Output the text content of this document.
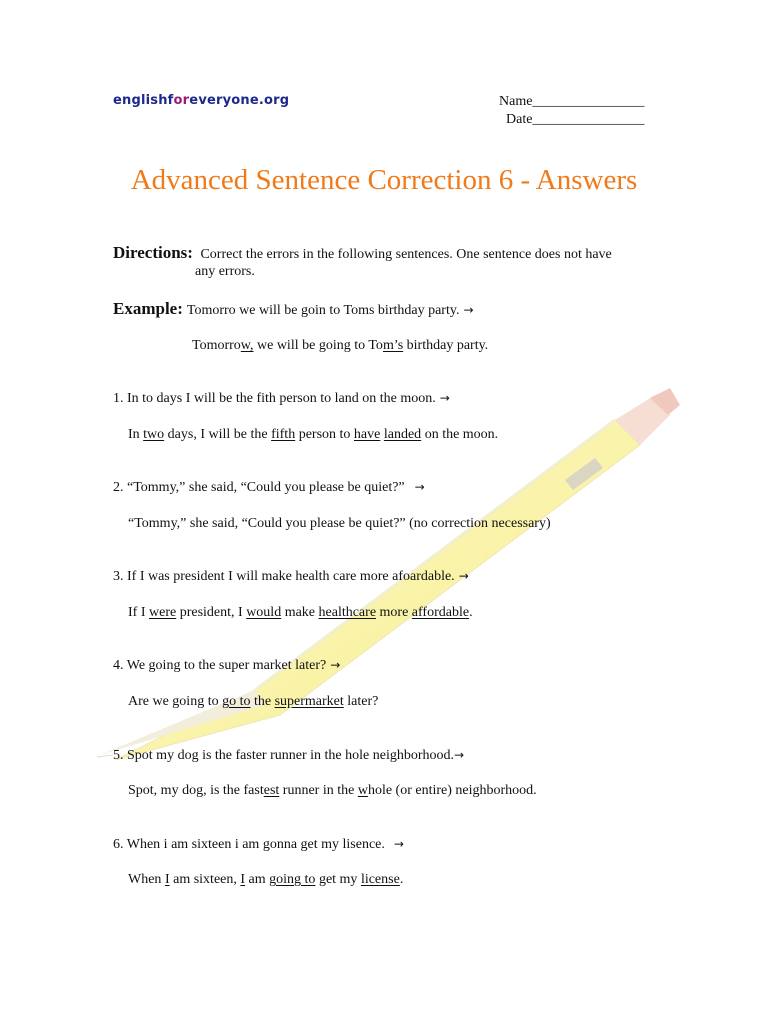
englishforeveryone.org	Name________________
Date________________
Advanced Sentence Correction 6 - Answers
Directions: Correct the errors in the following sentences. One sentence does not have
any errors.
Example: Tomorro we will be goin to Toms birthday party. →
Tomorrow, we will be going to Tom’s birthday party.
1. In to days I will be the fith person to land on the moon. →
In two days, I will be the fifth person to have landed on the moon.
2. “Tommy,” she said, “Could you please be quiet?” →
“Tommy,” she said, “Could you please be quiet?” (no correction necessary)
3. If I was president I will make health care more afoardable. →
If I were president, I would make healthcare more affordable.
4. We going to the super market later? →
Are we going to go to the supermarket later?
5. Spot my dog is the faster runner in the hole neighborhood.→
Spot, my dog, is the fastest runner in the whole (or entire) neighborhood.
6. When i am sixteen i am gonna get my lisence. →
When I am sixteen, I am going to get my license.
